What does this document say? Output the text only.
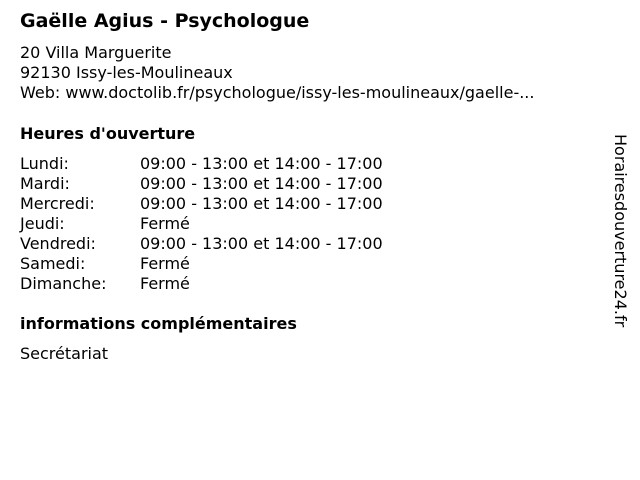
Gaëlle Agius - Psychologue
20 Villa Marguerite
92130 Issy-les-Moulineaux
Web: www.doctolib.fr/psychologue/issy-les-moulineaux/gaelle-...
Heures d'ouverture
Lundi:	09:00 - 13:00 et 14:00 - 17:00
Mardi:	09:00 - 13:00 et 14:00 - 17:00
Mercredi:	09:00 - 13:00 et 14:00 - 17:00
Jeudi:	Fermé
Vendredi:	09:00 - 13:00 et 14:00 - 17:00
Samedi:	Fermé
Dimanche:	Fermé
informations complémentaires
Secrétariat
Horairesdouverture24.fr
